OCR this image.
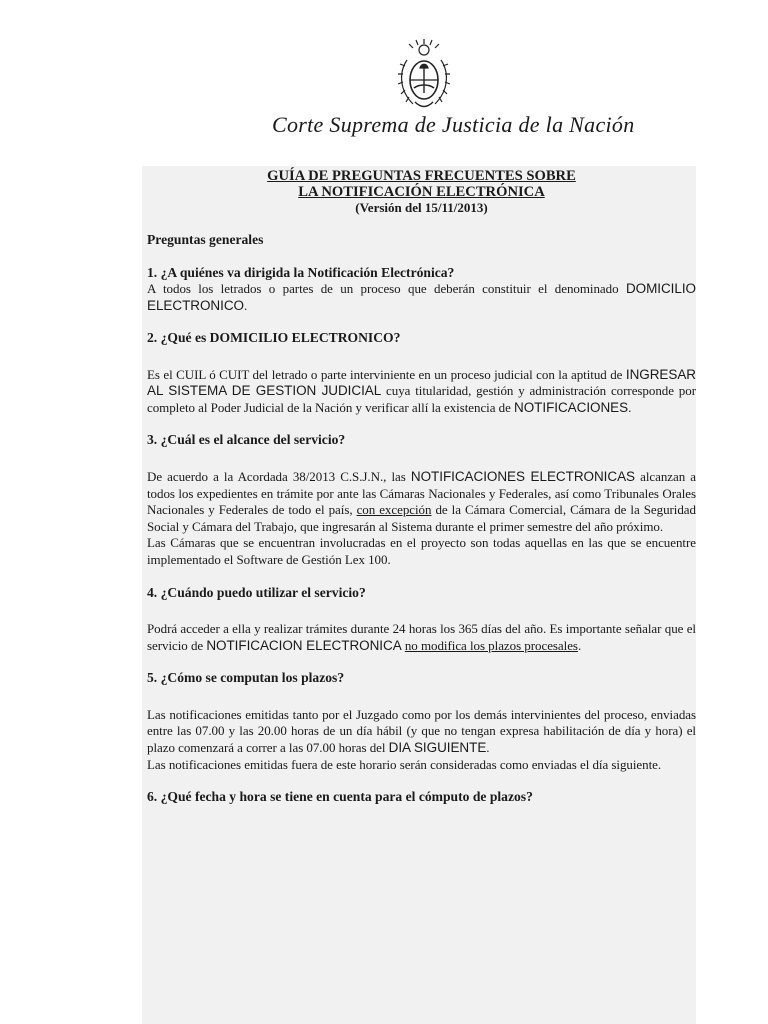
Corte Suprema de Justicia de la Nación
GUÍA DE PREGUNTAS FRECUENTES SOBRE
LA NOTIFICACIÓN ELECTRÓNICA
(Versión del 15/11/2013)

Preguntas generales

1. ¿A quiénes va dirigida la Notificación Electrónica?

A todos los letrados o partes de un proceso que deberán constituir el denominado DOMICILIO ELECTRONICO.

2. ¿Qué es DOMICILIO ELECTRONICO?

Es el CUIL ó CUIT del letrado o parte interviniente en un proceso judicial con la aptitud de INGRESAR AL SISTEMA DE GESTION JUDICIAL cuya titularidad, gestión y administración corresponde por completo al Poder Judicial de la Nación y verificar allí la existencia de NOTIFICACIONES.

3. ¿Cuál es el alcance del servicio?

De acuerdo a la Acordada 38/2013 C.S.J.N., las NOTIFICACIONES ELECTRONICAS alcanzan a todos los expedientes en trámite por ante las Cámaras Nacionales y Federales, así como Tribunales Orales Nacionales y Federales de todo el país, con excepción de la Cámara Comercial, Cámara de la Seguridad Social y Cámara del Trabajo, que ingresarán al Sistema durante el primer semestre del año próximo.

Las Cámaras que se encuentran involucradas en el proyecto son todas aquellas en las que se encuentre implementado el Software de Gestión Lex 100.

4. ¿Cuándo puedo utilizar el servicio?

Podrá acceder a ella y realizar trámites durante 24 horas los 365 días del año. Es importante señalar que el servicio de NOTIFICACION ELECTRONICA no modifica los plazos procesales.

5. ¿Cómo se computan los plazos?

Las notificaciones emitidas tanto por el Juzgado como por los demás intervinientes del proceso, enviadas entre las 07.00 y las 20.00 horas de un día hábil (y que no tengan expresa habilitación de día y hora) el plazo comenzará a correr a las 07.00 horas del DIA SIGUIENTE.

Las notificaciones emitidas fuera de este horario serán consideradas como enviadas el día siguiente.

6. ¿Qué fecha y hora se tiene en cuenta para el cómputo de plazos?
